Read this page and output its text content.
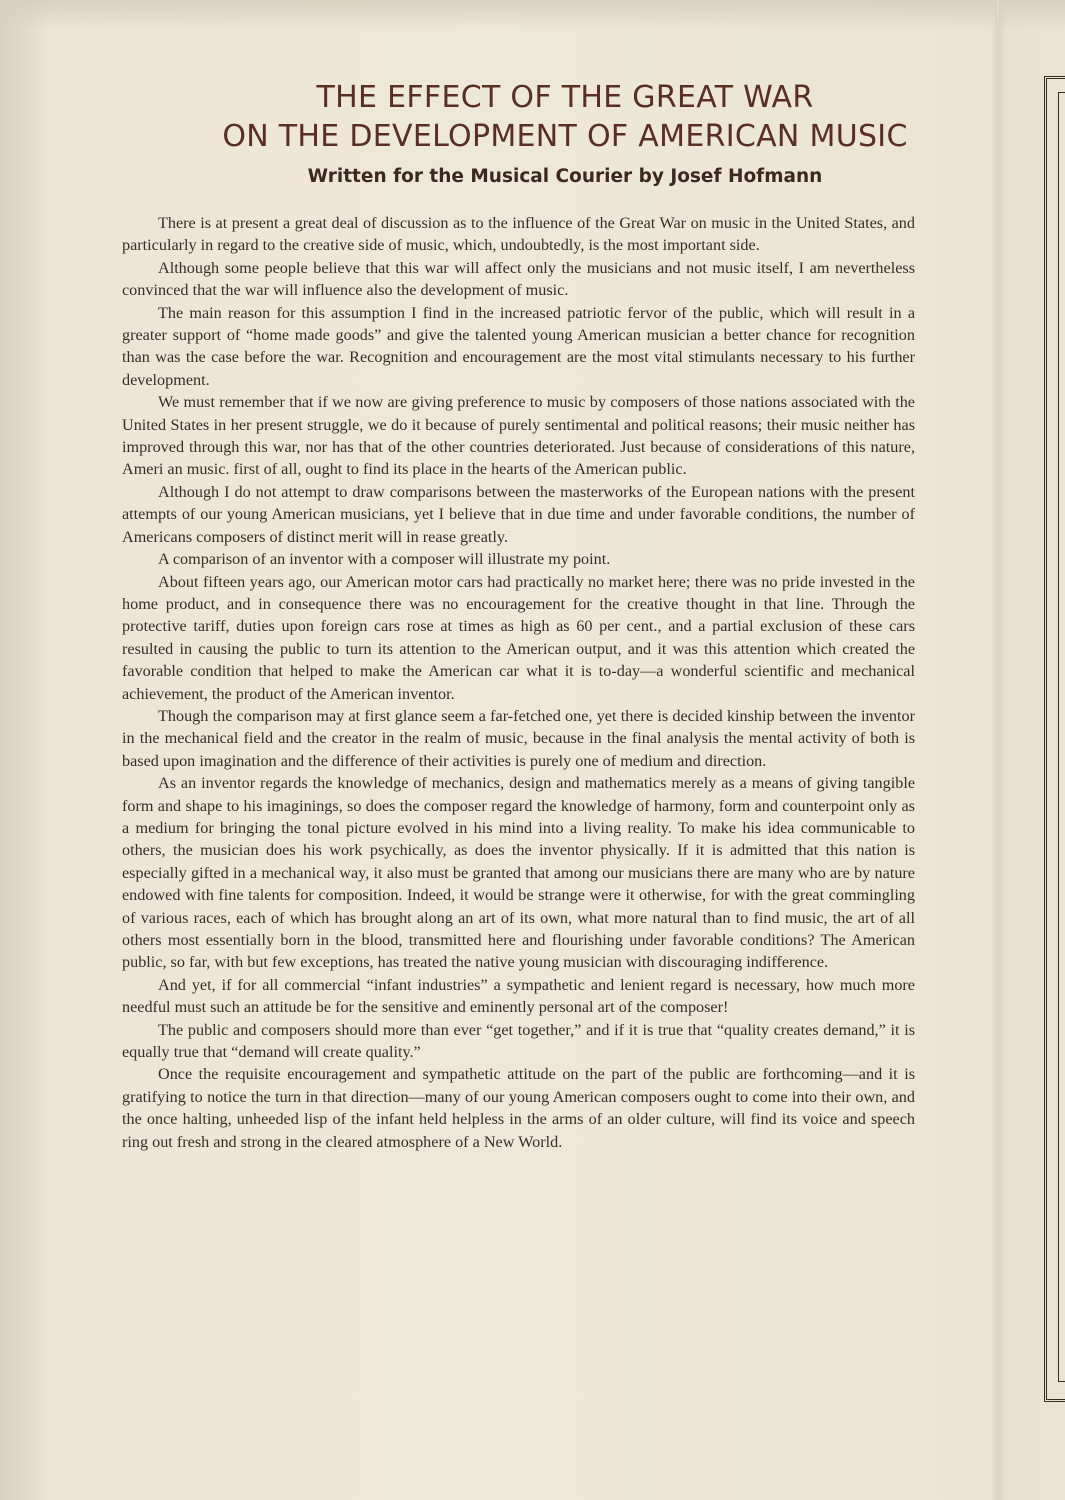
THE EFFECT OF THE GREAT WAR
ON THE DEVELOPMENT OF AMERICAN MUSIC
Written for the Musical Courier by Josef Hofmann

There is at present a great deal of discussion as to the influence of the Great War on music in the United States, and particularly in regard to the creative side of music, which, undoubtedly, is the most important side.

Although some people believe that this war will affect only the musicians and not music itself, I am nevertheless convinced that the war will influence also the development of music.

The main reason for this assumption I find in the increased patriotic fervor of the public, which will result in a greater support of “home made goods” and give the talented young American musician a better chance for recognition than was the case before the war. Recognition and encouragement are the most vital stimulants necessary to his further development.

We must remember that if we now are giving preference to music by composers of those nations associated with the United States in her present struggle, we do it because of purely sentimental and political reasons; their music neither has improved through this war, nor has that of the other countries deteriorated. Just because of considerations of this nature, Ameri an music. first of all, ought to find its place in the hearts of the American public.

Although I do not attempt to draw comparisons between the masterworks of the European nations with the present attempts of our young American musicians, yet I believe that in due time and under favorable conditions, the number of Americans composers of distinct merit will in rease greatly.

A comparison of an inventor with a composer will illustrate my point.

About fifteen years ago, our American motor cars had practically no market here; there was no pride invested in the home product, and in consequence there was no encouragement for the creative thought in that line. Through the protective tariff, duties upon foreign cars rose at times as high as 60 per cent., and a partial exclusion of these cars resulted in causing the public to turn its attention to the American output, and it was this attention which created the favorable condition that helped to make the American car what it is to-day—a wonderful scientific and mechanical achievement, the product of the American inventor.

Though the comparison may at first glance seem a far-fetched one, yet there is decided kinship between the inventor in the mechanical field and the creator in the realm of music, because in the final analysis the mental activity of both is based upon imagination and the difference of their activities is purely one of medium and direction.

As an inventor regards the knowledge of mechanics, design and mathematics merely as a means of giving tangible form and shape to his imaginings, so does the composer regard the knowledge of harmony, form and counterpoint only as a medium for bringing the tonal picture evolved in his mind into a living reality. To make his idea communicable to others, the musician does his work psychically, as does the inventor physically. If it is admitted that this nation is especially gifted in a mechanical way, it also must be granted that among our musicians there are many who are by nature endowed with fine talents for composition. Indeed, it would be strange were it otherwise, for with the great commingling of various races, each of which has brought along an art of its own, what more natural than to find music, the art of all others most essentially born in the blood, transmitted here and flourishing under favorable conditions? The American public, so far, with but few exceptions, has treated the native young musician with discouraging indifference.

And yet, if for all commercial “infant industries” a sympathetic and lenient regard is necessary, how much more needful must such an attitude be for the sensitive and eminently personal art of the composer!

The public and composers should more than ever “get together,” and if it is true that “quality creates demand,” it is equally true that “demand will create quality.”

Once the requisite encouragement and sympathetic attitude on the part of the public are forthcoming—and it is gratifying to notice the turn in that direction—many of our young American composers ought to come into their own, and the once halting, unheeded lisp of the infant held helpless in the arms of an older culture, will find its voice and speech ring out fresh and strong in the cleared atmosphere of a New World.
